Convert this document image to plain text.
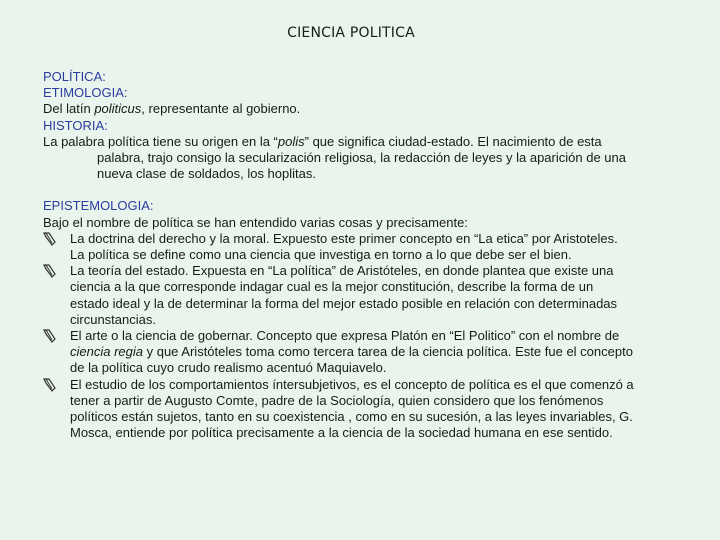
CIENCIA POLITICA
POLÍTICA:
ETIMOLOGIA:
Del latín politicus, representante al gobierno.
HISTORIA:
La palabra política tiene su origen en la “polis” que significa ciudad-estado. El nacimiento de esta
palabra, trajo consigo la secularización religiosa, la redacción de leyes y la aparición de una
nueva clase de soldados, los hoplitas.
EPISTEMOLOGIA:
Bajo el nombre de política se han entendido varias cosas y precisamente:
La doctrina del derecho y la moral. Expuesto este primer concepto en “La etica” por Aristoteles.
La política se define como una ciencia que investiga en torno a lo que debe ser el bien.
La teoría del estado. Expuesta en “La política” de Aristóteles, en donde plantea que existe una
ciencia a la que corresponde indagar cual es la mejor constitución, describe la forma de un
estado ideal y la de determinar la forma del mejor estado posible en relación con determinadas
circunstancias.
El arte o la ciencia de gobernar. Concepto que expresa Platón en “El Politico” con el nombre de
ciencia regia y que Aristóteles toma como tercera tarea de la ciencia política. Este fue el concepto
de la política cuyo crudo realismo acentuó Maquiavelo.
El estudio de los comportamientos íntersubjetivos, es el concepto de política es el que comenzó a
tener a partir de Augusto Comte, padre de la Sociología, quien considero que los fenómenos
políticos están sujetos, tanto en su coexistencia , como en su sucesión, a las leyes invariables, G.
Mosca, entiende por política precisamente a la ciencia de la sociedad humana en ese sentido.
